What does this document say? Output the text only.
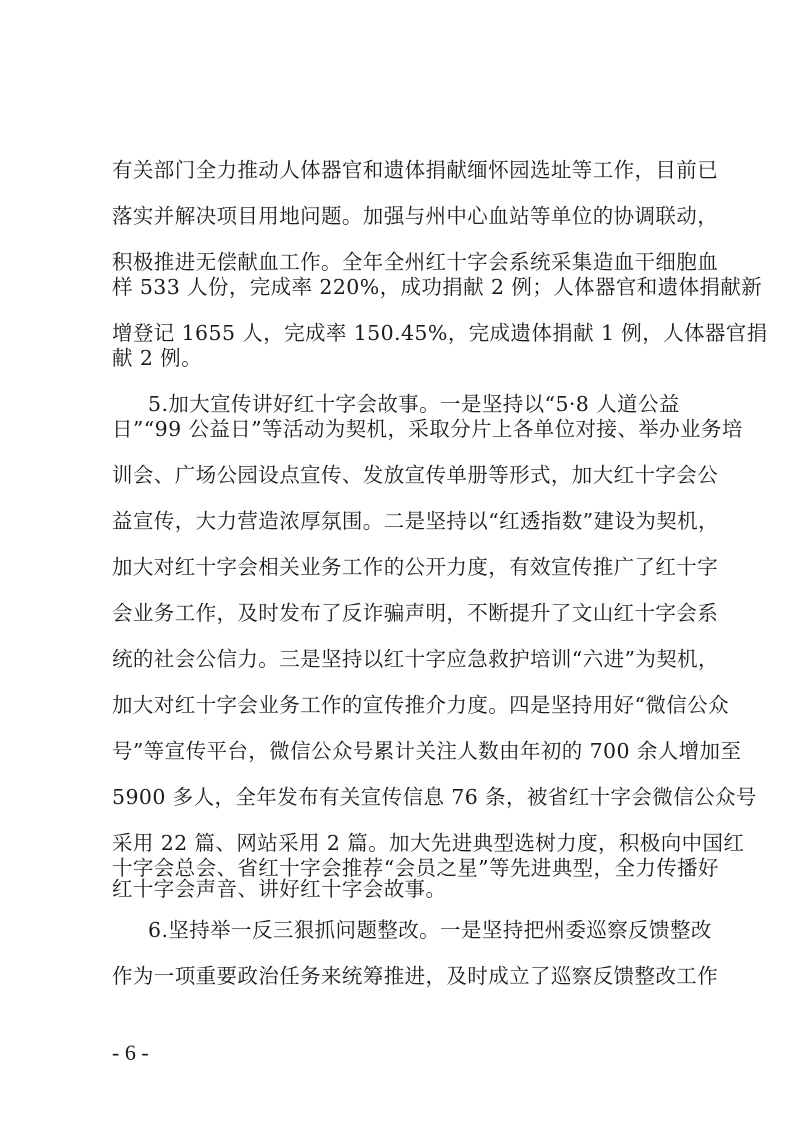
有关部门全力推动人体器官和遗体捐献缅怀园选址等工作，目前已
落实并解决项目用地问题。加强与州中心血站等单位的协调联动，
积极推进无偿献血工作。全年全州红十字会系统采集造血干细胞血
样 533 人份，完成率 220%，成功捐献 2 例；人体器官和遗体捐献新
增登记 1655 人，完成率 150.45%，完成遗体捐献 1 例，人体器官捐
献 2 例。
5.加大宣传讲好红十字会故事。一是坚持以“5·8 人道公益
日”“99 公益日”等活动为契机，采取分片上各单位对接、举办业务培
训会、广场公园设点宣传、发放宣传单册等形式，加大红十字会公
益宣传，大力营造浓厚氛围。二是坚持以“红透指数”建设为契机，
加大对红十字会相关业务工作的公开力度，有效宣传推广了红十字
会业务工作，及时发布了反诈骗声明，不断提升了文山红十字会系
统的社会公信力。三是坚持以红十字应急救护培训“六进”为契机，
加大对红十字会业务工作的宣传推介力度。四是坚持用好“微信公众
号”等宣传平台，微信公众号累计关注人数由年初的 700 余人增加至
5900 多人，全年发布有关宣传信息 76 条，被省红十字会微信公众号
采用 22 篇、网站采用 2 篇。加大先进典型选树力度，积极向中国红
十字会总会、省红十字会推荐“会员之星”等先进典型，全力传播好
红十字会声音、讲好红十字会故事。
6.坚持举一反三狠抓问题整改。一是坚持把州委巡察反馈整改
作为一项重要政治任务来统筹推进，及时成立了巡察反馈整改工作
- 6 -
